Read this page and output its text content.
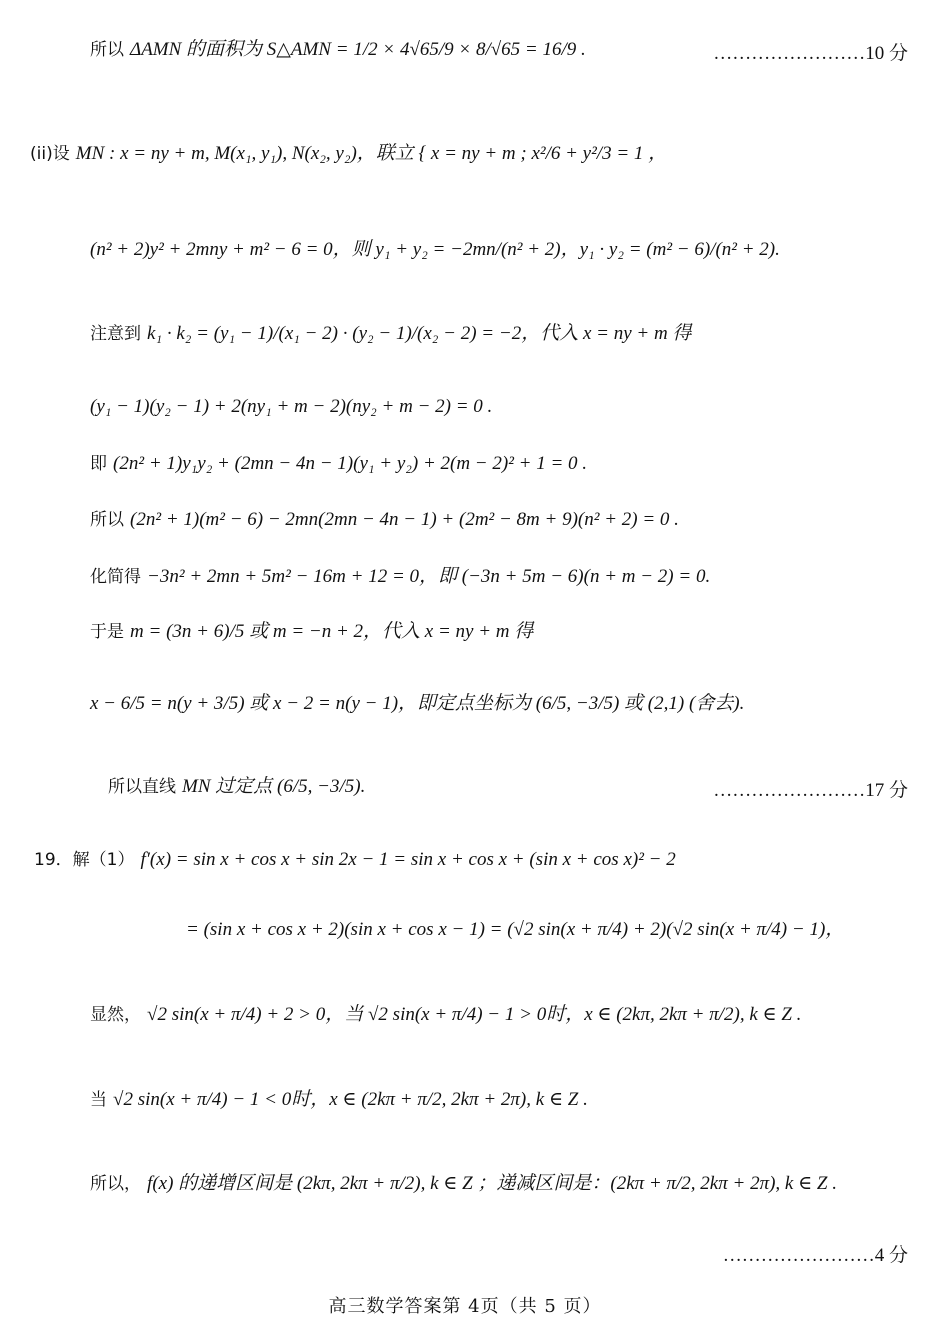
所以 ΔAMN 的面积为 S△AMN = 1/2 × 4√65/9 × 8/√65 = 16/9 .	……………………10 分
(ii)设 MN : x = ny + m, M(x₁, y₁), N(x₂, y₂)，联立 { x = ny + m ; x²/6 + y²/3 = 1 ，
(n² + 2)y² + 2mny + m² − 6 = 0，则 y₁ + y₂ = −2mn/(n² + 2)，y₁ · y₂ = (m² − 6)/(n² + 2).
注意到 k₁ · k₂ = (y₁ − 1)/(x₁ − 2) · (y₂ − 1)/(x₂ − 2) = −2，代入 x = ny + m 得
(y₁ − 1)(y₂ − 1) + 2(ny₁ + m − 2)(ny₂ + m − 2) = 0 .
即 (2n² + 1)y₁y₂ + (2mn − 4n − 1)(y₁ + y₂) + 2(m − 2)² + 1 = 0 .
所以 (2n² + 1)(m² − 6) − 2mn(2mn − 4n − 1) + (2m² − 8m + 9)(n² + 2) = 0 .
化简得 −3n² + 2mn + 5m² − 16m + 12 = 0，即 (−3n + 5m − 6)(n + m − 2) = 0.
于是 m = (3n + 6)/5 或 m = −n + 2，代入 x = ny + m 得
x − 6/5 = n(y + 3/5) 或 x − 2 = n(y − 1)，即定点坐标为 (6/5, −3/5) 或 (2,1) (舍去).
所以直线 MN 过定点 (6/5, −3/5).	……………………17 分
19．解（1） f′(x) = sin x + cos x + sin 2x − 1 = sin x + cos x + (sin x + cos x)² − 2
= (sin x + cos x + 2)(sin x + cos x − 1) = (√2 sin(x + π/4) + 2)(√2 sin(x + π/4) − 1)，
显然， √2 sin(x + π/4) + 2 > 0，当 √2 sin(x + π/4) − 1 > 0时，x ∈ (2kπ, 2kπ + π/2), k ∈ Z .
当 √2 sin(x + π/4) − 1 < 0时，x ∈ (2kπ + π/2, 2kπ + 2π), k ∈ Z .
所以， f(x) 的递增区间是 (2kπ, 2kπ + π/2), k ∈ Z ；递减区间是：(2kπ + π/2, 2kπ + 2π), k ∈ Z .
……………………4 分
高三数学答案第 4页（共 5 页）
